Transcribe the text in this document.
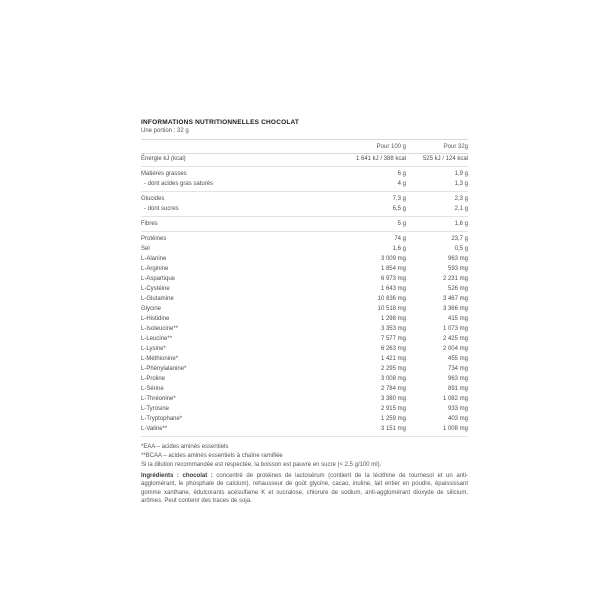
INFORMATIONS NUTRITIONNELLES CHOCOLAT
Une portion : 32 g
Pour 100 g	Pour 32g
Énergie kJ (kcal)	1 641 kJ / 388 kcal	525 kJ / 124 kcal
Matières grasses	6 g	1,9 g
- dont acides gras saturés	4 g	1,3 g
Glucides	7,3 g	2,3 g
- dont sucres	6,5 g	2,1 g
Fibres	5 g	1,6 g
Protéines	74 g	23,7 g
Sel	1,6 g	0,5 g
L-Alanine	3 009 mg	963 mg
L-Arginine	1 854 mg	593 mg
L-Aspartique	6 973 mg	2 231 mg
L-Cystéine	1 643 mg	526 mg
L-Glutamine	10 836 mg	3 467 mg
Glycine	10 518 mg	3 366 mg
L-Histidine	1 298 mg	415 mg
L-Isoleucine**	3 353 mg	1 073 mg
L-Leucine**	7 577 mg	2 425 mg
L-Lysine*	6 263 mg	2 004 mg
L-Méthionine*	1 421 mg	455 mg
L-Phénylalanine*	2 295 mg	734 mg
L-Proline	3 008 mg	963 mg
L-Sérine	2 784 mg	891 mg
L-Thréonine*	3 380 mg	1 082 mg
L-Tyrosine	2 915 mg	933 mg
L-Tryptophane*	1 259 mg	403 mg
L-Valine**	3 151 mg	1 008 mg
*EAA – acides aminés essentiels
**BCAA – acides aminés essentiels à chaîne ramifiée
Si la dilution recommandée est respectée, la boisson est pauvre en sucre (< 2,5 g/100 ml).

Ingrédients : chocolat : concentré de protéines de lactosérum (contient de la lécithine de tournesol et un anti-agglomérant, le phosphate de calcium), rehausseur de goût glycine, cacao, inuline, lait entier en poudre, épaississant gomme xanthane, édulcorants acésulfame K et sucralose, chlorure de sodium, anti-agglomérant dioxyde de silicium, arômes. Peut contenir des traces de soja.
